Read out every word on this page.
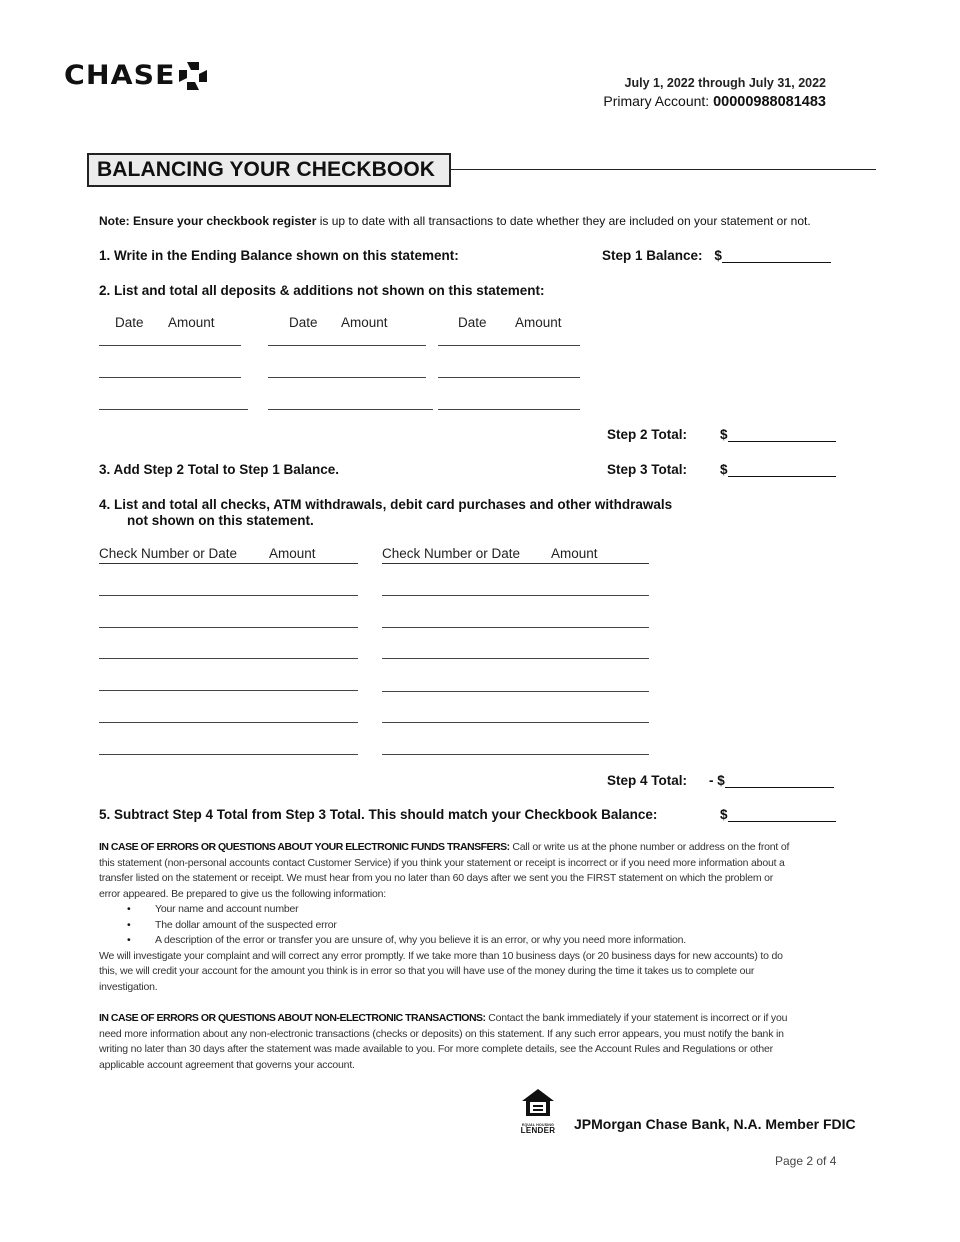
CHASE	July 1, 2022 through July 31, 2022
Primary Account: 00000988081483
BALANCING YOUR CHECKBOOK
Note: Ensure your checkbook register is up to date with all transactions to date whether they are included on your statement or not.
1. Write in the Ending Balance shown on this statement:	Step 1 Balance: $
2. List and total all deposits & additions not shown on this statement:
Date Amount	Date Amount	Date Amount
Step 2 Total: $
3. Add Step 2 Total to Step 1 Balance.	Step 3 Total: $
4. List and total all checks, ATM withdrawals, debit card purchases and other withdrawals
not shown on this statement.
Check Number or Date Amount	Check Number or Date Amount
Step 4 Total: - $
5. Subtract Step 4 Total from Step 3 Total. This should match your Checkbook Balance:	$
IN CASE OF ERRORS OR QUESTIONS ABOUT YOUR ELECTRONIC FUNDS TRANSFERS: Call or write us at the phone number or address on the front of this statement (non-personal accounts contact Customer Service) if you think your statement or receipt is incorrect or if you need more information about a transfer listed on the statement or receipt. We must hear from you no later than 60 days after we sent you the FIRST statement on which the problem or error appeared. Be prepared to give us the following information:
• Your name and account number
• The dollar amount of the suspected error
• A description of the error or transfer you are unsure of, why you believe it is an error, or why you need more information.
We will investigate your complaint and will correct any error promptly. If we take more than 10 business days (or 20 business days for new accounts) to do this, we will credit your account for the amount you think is in error so that you will have use of the money during the time it takes us to complete our investigation.
IN CASE OF ERRORS OR QUESTIONS ABOUT NON-ELECTRONIC TRANSACTIONS: Contact the bank immediately if your statement is incorrect or if you need more information about any non-electronic transactions (checks or deposits) on this statement. If any such error appears, you must notify the bank in writing no later than 30 days after the statement was made available to you. For more complete details, see the Account Rules and Regulations or other applicable account agreement that governs your account.
EQUAL HOUSING
LENDER JPMorgan Chase Bank, N.A. Member FDIC
Page 2 of 4
